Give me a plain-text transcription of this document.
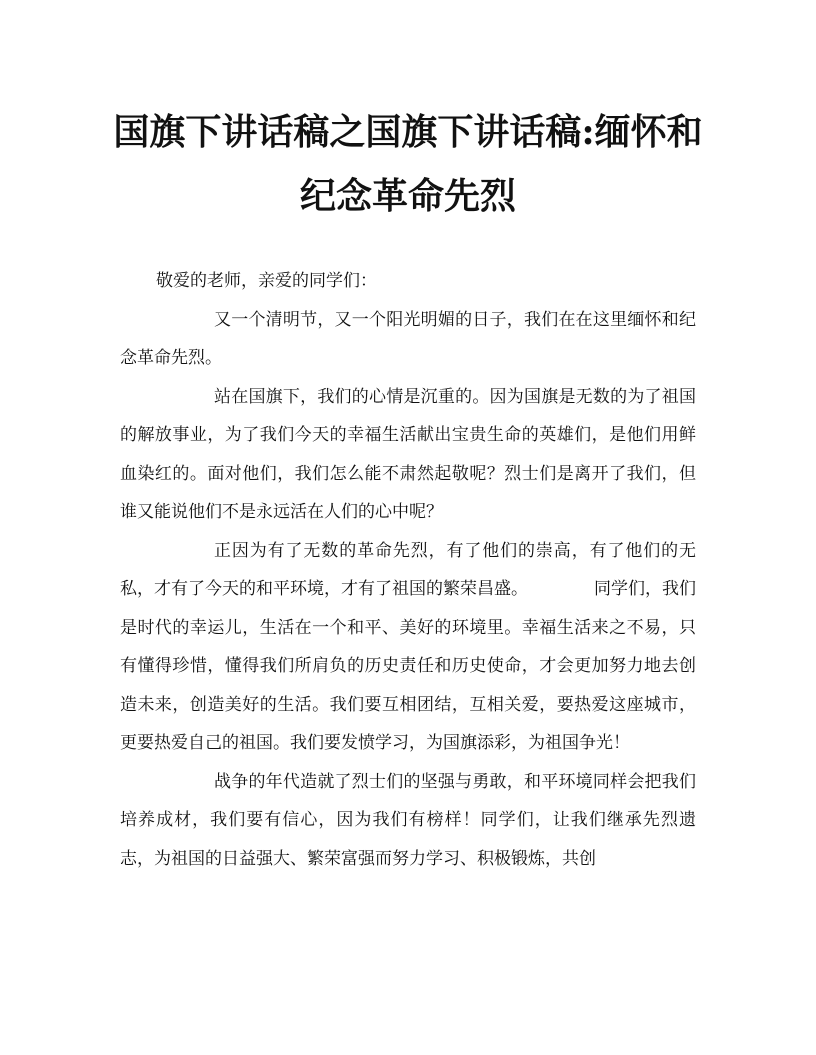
国旗下讲话稿之国旗下讲话稿:缅怀和纪念革命先烈

敬爱的老师，亲爱的同学们：

又一个清明节，又一个阳光明媚的日子，我们在在这里缅怀和纪念革命先烈。

站在国旗下，我们的心情是沉重的。因为国旗是无数的为了祖国的解放事业，为了我们今天的幸福生活献出宝贵生命的英雄们，是他们用鲜血染红的。面对他们，我们怎么能不肃然起敬呢？烈士们是离开了我们，但谁又能说他们不是永远活在人们的心中呢？

正因为有了无数的革命先烈，有了他们的崇高，有了他们的无私，才有了今天的和平环境，才有了祖国的繁荣昌盛。	同学们，我们是时代的幸运儿，生活在一个和平、美好的环境里。幸福生活来之不易，只有懂得珍惜，懂得我们所肩负的历史责任和历史使命，才会更加努力地去创造未来，创造美好的生活。我们要互相团结，互相关爱，要热爱这座城市，更要热爱自己的祖国。我们要发愤学习，为国旗添彩，为祖国争光！

战争的年代造就了烈士们的坚强与勇敢，和平环境同样会把我们培养成材，我们要有信心，因为我们有榜样！同学们，让我们继承先烈遗志，为祖国的日益强大、繁荣富强而努力学习、积极锻炼，共创
